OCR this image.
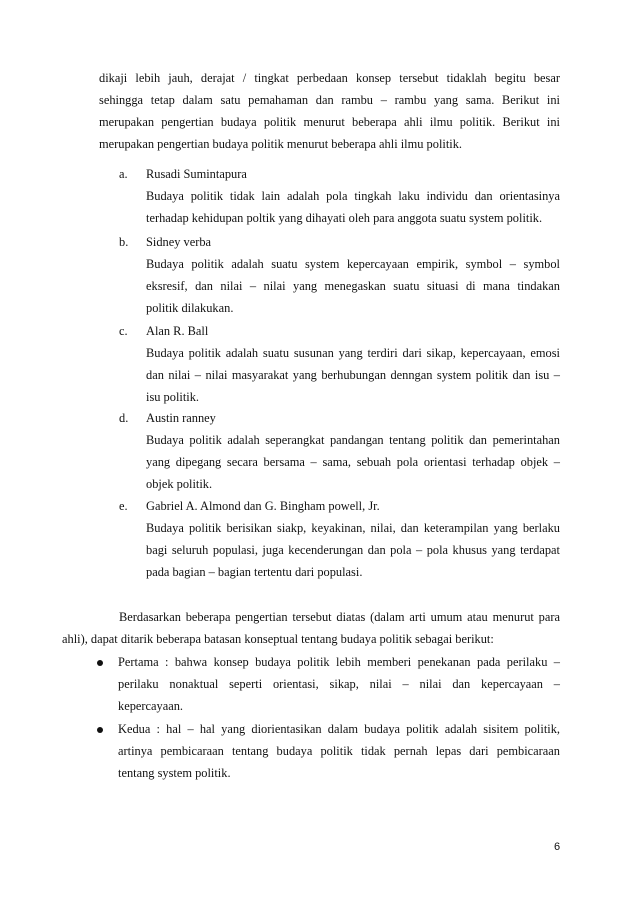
dikaji lebih jauh, derajat / tingkat perbedaan konsep tersebut tidaklah begitu besar
sehingga tetap dalam satu pemahaman dan rambu – rambu yang sama. Berikut ini
merupakan pengertian budaya politik menurut beberapa ahli ilmu politik. Berikut ini
merupakan pengertian budaya politik menurut beberapa ahli ilmu politik.
a. Rusadi Sumintapura
Budaya politik tidak lain adalah pola tingkah laku individu dan orientasinya
terhadap kehidupan poltik yang dihayati oleh para anggota suatu system politik.
b. Sidney verba
Budaya politik adalah suatu system kepercayaan empirik, symbol – symbol
eksresif, dan nilai – nilai yang menegaskan suatu situasi di mana tindakan
politik dilakukan.
c. Alan R. Ball
Budaya politik adalah suatu susunan yang terdiri dari sikap, kepercayaan, emosi
dan nilai – nilai masyarakat yang berhubungan denngan system politik dan isu –
isu politik.
d. Austin ranney
Budaya politik adalah seperangkat pandangan tentang politik dan pemerintahan
yang dipegang secara bersama – sama, sebuah pola orientasi terhadap objek –
objek politik.
e. Gabriel A. Almond dan G. Bingham powell, Jr.
Budaya politik berisikan siakp, keyakinan, nilai, dan keterampilan yang berlaku
bagi seluruh populasi, juga kecenderungan dan pola – pola khusus yang terdapat
pada bagian – bagian tertentu dari populasi.
Berdasarkan beberapa pengertian tersebut diatas (dalam arti umum atau menurut para
ahli), dapat ditarik beberapa batasan konseptual tentang budaya politik sebagai berikut:
Pertama : bahwa konsep budaya politik lebih memberi penekanan pada perilaku –
perilaku nonaktual seperti orientasi, sikap, nilai – nilai dan kepercayaan –
kepercayaan.
Kedua : hal – hal yang diorientasikan dalam budaya politik adalah sisitem politik,
artinya pembicaraan tentang budaya politik tidak pernah lepas dari pembicaraan
tentang system politik.
6
